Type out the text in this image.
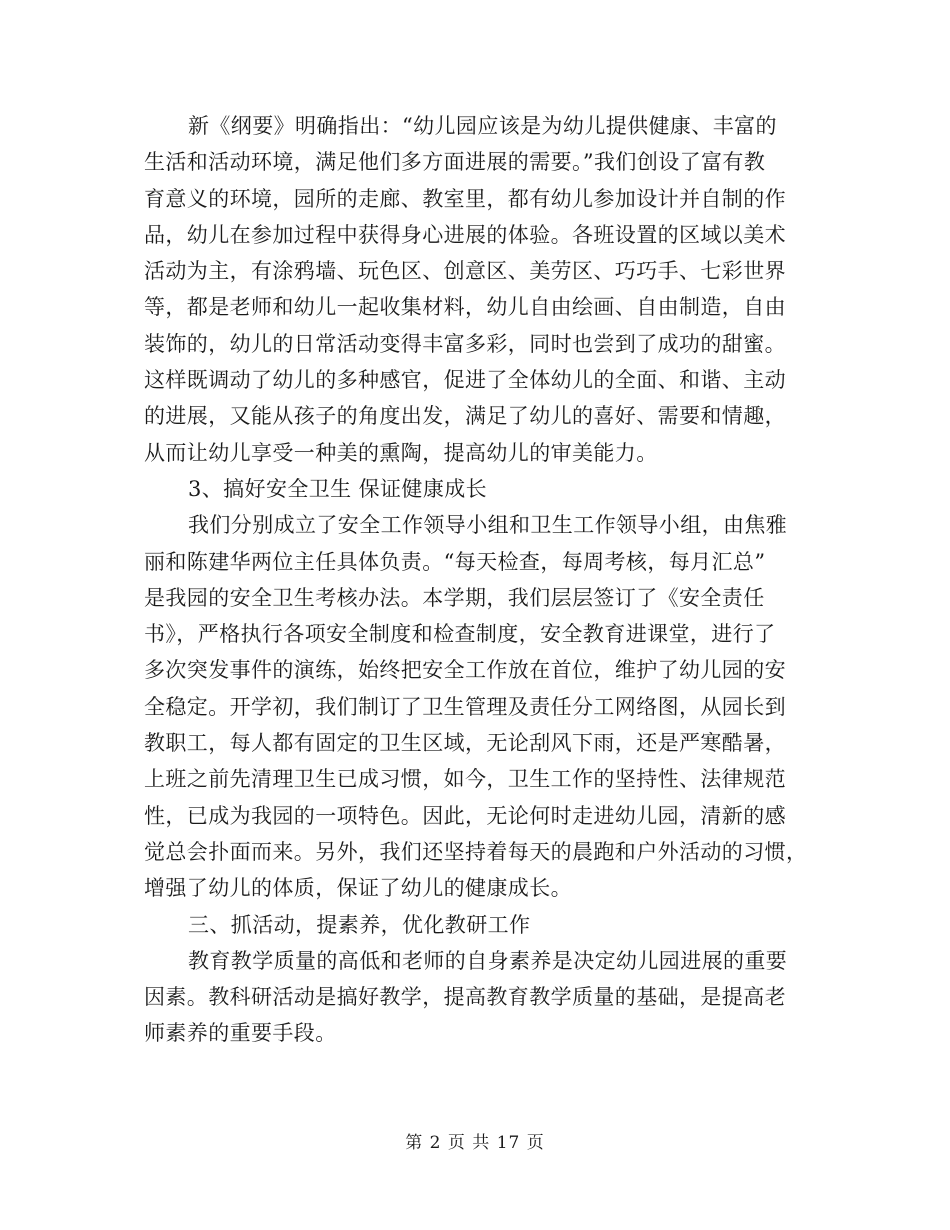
新《纲要》明确指出：“幼儿园应该是为幼儿提供健康、丰富的
生活和活动环境，满足他们多方面进展的需要。”我们创设了富有教
育意义的环境，园所的走廊、教室里，都有幼儿参加设计并自制的作
品，幼儿在参加过程中获得身心进展的体验。各班设置的区域以美术
活动为主，有涂鸦墙、玩色区、创意区、美劳区、巧巧手、七彩世界
等，都是老师和幼儿一起收集材料，幼儿自由绘画、自由制造，自由
装饰的，幼儿的日常活动变得丰富多彩，同时也尝到了成功的甜蜜。
这样既调动了幼儿的多种感官，促进了全体幼儿的全面、和谐、主动
的进展，又能从孩子的角度出发，满足了幼儿的喜好、需要和情趣，
从而让幼儿享受一种美的熏陶，提高幼儿的审美能力。
3、搞好安全卫生 保证健康成长
我们分别成立了安全工作领导小组和卫生工作领导小组，由焦雅
丽和陈建华两位主任具体负责。“每天检查，每周考核，每月汇总”
是我园的安全卫生考核办法。本学期，我们层层签订了《安全责任
书》，严格执行各项安全制度和检查制度，安全教育进课堂，进行了
多次突发事件的演练，始终把安全工作放在首位，维护了幼儿园的安
全稳定。开学初，我们制订了卫生管理及责任分工网络图，从园长到
教职工，每人都有固定的卫生区域，无论刮风下雨，还是严寒酷暑，
上班之前先清理卫生已成习惯，如今，卫生工作的坚持性、法律规范
性，已成为我园的一项特色。因此，无论何时走进幼儿园，清新的感
觉总会扑面而来。另外，我们还坚持着每天的晨跑和户外活动的习惯，
增强了幼儿的体质，保证了幼儿的健康成长。
三、抓活动，提素养，优化教研工作
教育教学质量的高低和老师的自身素养是决定幼儿园进展的重要
因素。教科研活动是搞好教学，提高教育教学质量的基础，是提高老
师素养的重要手段。
第 2 页 共 17 页
